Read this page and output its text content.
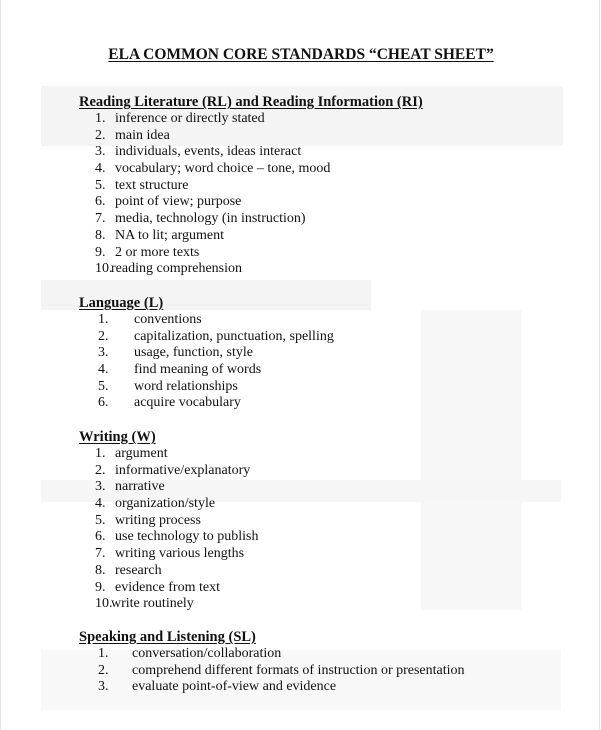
ELA COMMON CORE STANDARDS “CHEAT SHEET”
Reading Literature (RL) and Reading Information (RI)
1. inference or directly stated
2. main idea
3. individuals, events, ideas interact
4. vocabulary; word choice – tone, mood
5. text structure
6. point of view; purpose
7. media, technology (in instruction)
8. NA to lit; argument
9. 2 or more texts
10.reading comprehension
Language (L)
1. conventions
2. capitalization, punctuation, spelling
3. usage, function, style
4. find meaning of words
5. word relationships
6. acquire vocabulary
Writing (W)
1. argument
2. informative/explanatory
3. narrative
4. organization/style
5. writing process
6. use technology to publish
7. writing various lengths
8. research
9. evidence from text
10.write routinely
Speaking and Listening (SL)
1. conversation/collaboration
2. comprehend different formats of instruction or presentation
3. evaluate point-of-view and evidence
